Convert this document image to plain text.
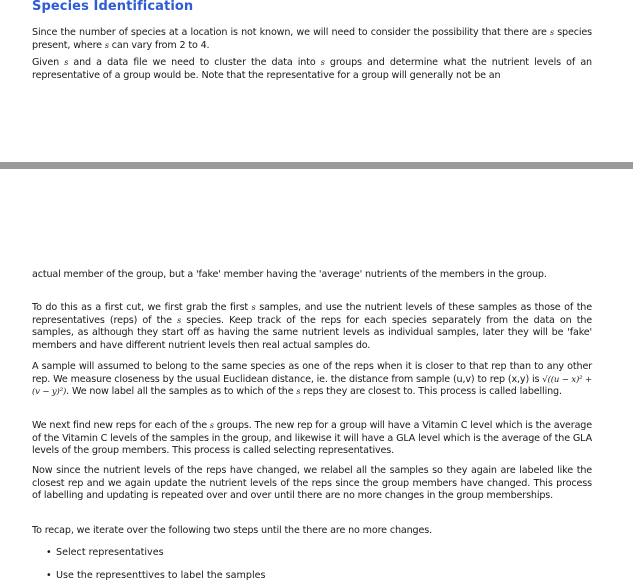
Species Identification

Since the number of species at a location is not known, we will need to consider the possibility that there are s species present, where s can vary from 2 to 4.

Given s and a data file we need to cluster the data into s groups and determine what the nutrient levels of an representative of a group would be. Note that the representative for a group will generally not be an

actual member of the group, but a 'fake' member having the 'average' nutrients of the members in the group.

To do this as a first cut, we first grab the first s samples, and use the nutrient levels of these samples as those of the representatives (reps) of the s species. Keep track of the reps for each species separately from the data on the samples, as although they start off as having the same nutrient levels as individual samples, later they will be 'fake' members and have different nutrient levels then real actual samples do.

A sample will assumed to belong to the same species as one of the reps when it is closer to that rep than to any other rep. We measure closeness by the usual Euclidean distance, ie. the distance from sample (u,v) to rep (x,y) is √((u − x)² + (v − y)²). We now label all the samples as to which of the s reps they are closest to. This process is called labelling.

We next find new reps for each of the s groups. The new rep for a group will have a Vitamin C level which is the average of the Vitamin C levels of the samples in the group, and likewise it will have a GLA level which is the average of the GLA levels of the group members. This process is called selecting representatives.

Now since the nutrient levels of the reps have changed, we relabel all the samples so they again are labeled like the closest rep and we again update the nutrient levels of the reps since the group members have changed. This process of labelling and updating is repeated over and over until there are no more changes in the group memberships.

To recap, we iterate over the following two steps until the there are no more changes.

• Select representatives
• Use the representtives to label the samples
